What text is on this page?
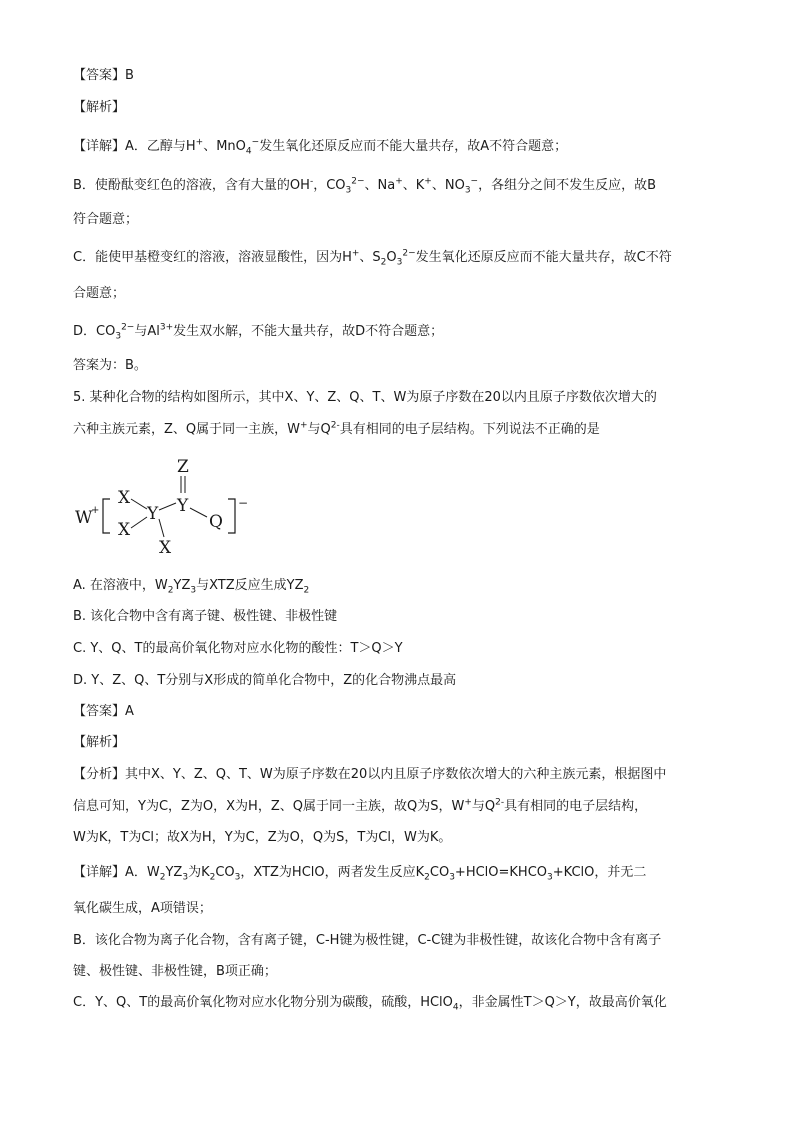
【答案】B
【解析】
【详解】A．乙醇与H+、MnO$_4$−发生氧化还原反应而不能大量共存，故A不符合题意；
B．使酚酞变红色的溶液，含有大量的OH-，$CO_3^{2-}$、Na+、K+、$NO_3^-$，各组分之间不发生反应，故B
符合题意；
C．能使甲基橙变红的溶液，溶液显酸性，因为H+、$S_2O_3^{2-}$发生氧化还原反应而不能大量共存，故C不符
合题意；
D．$CO_3^{2-}$与$Al^{3+}$发生双水解，不能大量共存，故D不符合题意；
答案为：B。
5. 某种化合物的结构如图所示，其中X、Y、Z、Q、T、W为原子序数在20以内且原子序数依次增大的
六种主族元素，Z、Q属于同一主族，W+与$Q^{2-}$具有相同的电子层结构。下列说法不正确的是
W
+
−
X
X
Y
X
Y
Z
Q
A. 在溶液中，$W_2YZ_3$与XTZ反应生成$YZ_2$
B. 该化合物中含有离子键、极性键、非极性键
C. Y、Q、T的最高价氧化物对应水化物的酸性：T＞Q＞Y
D. Y、Z、Q、T分别与X形成的简单化合物中，Z的化合物沸点最高
【答案】A
【解析】
【分析】其中X、Y、Z、Q、T、W为原子序数在20以内且原子序数依次增大的六种主族元素，根据图中
信息可知，Y为C，Z为O，X为H，Z、Q属于同一主族，故Q为S，W+与$Q^{2-}$具有相同的电子层结构，
W为K，T为Cl；故X为H，Y为C，Z为O，Q为S，T为Cl，W为K。
【详解】A．$W_2YZ_3$为$K_2CO_3$，XTZ为HClO，两者发生反应$K_2CO_3+HClO=KHCO_3+KClO$，并无二
氧化碳生成，A项错误；
B．该化合物为离子化合物，含有离子键，C-H键为极性键，C-C键为非极性键，故该化合物中含有离子
键、极性键、非极性键，B项正确；
C．Y、Q、T的最高价氧化物对应水化物分别为碳酸，硫酸，HClO$_4$，非金属性T＞Q＞Y，故最高价氧化
